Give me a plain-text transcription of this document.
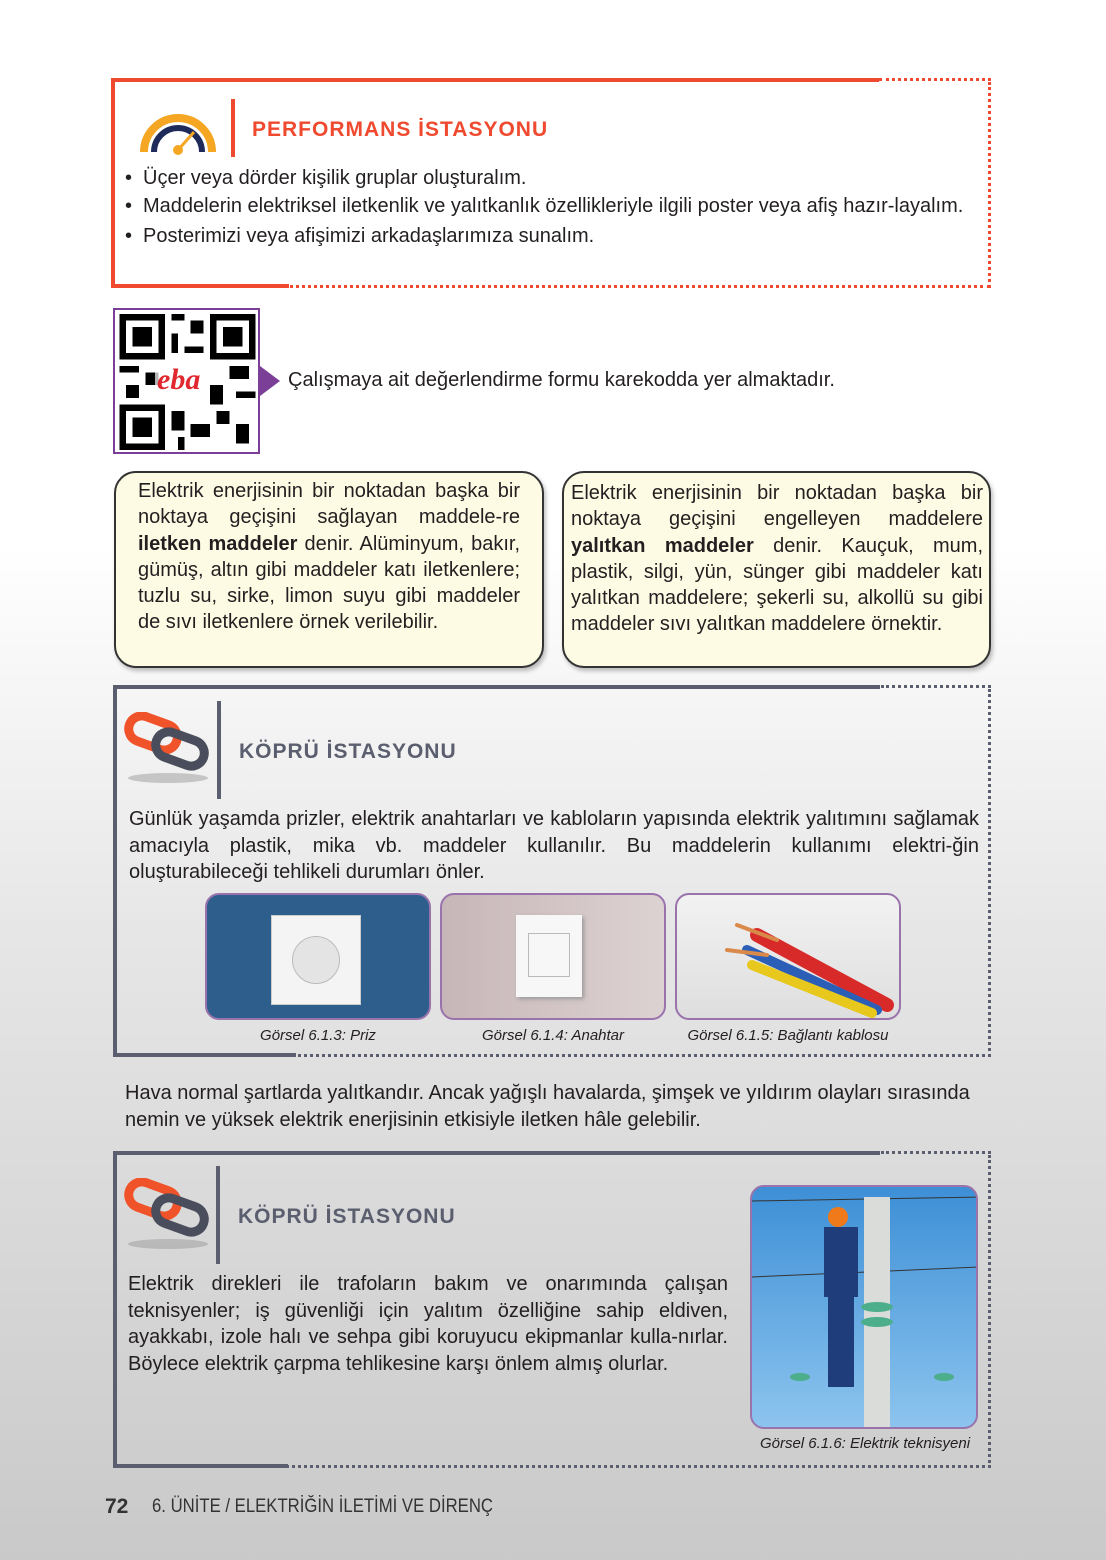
PERFORMANS İSTASYONU
• Üçer veya dörder kişilik gruplar oluşturalım.
• Maddelerin elektriksel iletkenlik ve yalıtkanlık özellikleriyle ilgili poster veya afiş hazır-layalım.
• Posterimizi veya afişimizi arkadaşlarımıza sunalım.
eba	Çalışmaya ait değerlendirme formu karekodda yer almaktadır.
Elektrik enerjisinin bir noktadan başka bir noktaya geçişini sağlayan maddele-re iletken maddeler denir. Alüminyum, bakır, gümüş, altın gibi maddeler katı iletkenlere; tuzlu su, sirke, limon suyu gibi maddeler de sıvı iletkenlere örnek verilebilir.
Elektrik enerjisinin bir noktadan başka bir noktaya geçişini engelleyen maddelere yalıtkan maddeler denir. Kauçuk, mum, plastik, silgi, yün, sünger gibi maddeler katı yalıtkan maddelere; şekerli su, alkollü su gibi maddeler sıvı yalıtkan maddelere örnektir.
KÖPRÜ İSTASYONU
Günlük yaşamda prizler, elektrik anahtarları ve kabloların yapısında elektrik yalıtımını sağlamak amacıyla plastik, mika vb. maddeler kullanılır. Bu maddelerin kullanımı elektri-ğin oluşturabileceği tehlikeli durumları önler.
Görsel 6.1.3: Priz	Görsel 6.1.4: Anahtar	Görsel 6.1.5: Bağlantı kablosu
Hava normal şartlarda yalıtkandır. Ancak yağışlı havalarda, şimşek ve yıldırım olayları sırasında nemin ve yüksek elektrik enerjisinin etkisiyle iletken hâle gelebilir.
KÖPRÜ İSTASYONU
Elektrik direkleri ile trafoların bakım ve onarımında çalışan teknisyenler; iş güvenliği için yalıtım özelliğine sahip eldiven, ayakkabı, izole halı ve sehpa gibi koruyucu ekipmanlar kulla-nırlar. Böylece elektrik çarpma tehlikesine karşı önlem almış olurlar.
Görsel 6.1.6: Elektrik teknisyeni
72 6. ÜNİTE / ELEKTRİĞİN İLETİMİ VE DİRENÇ
